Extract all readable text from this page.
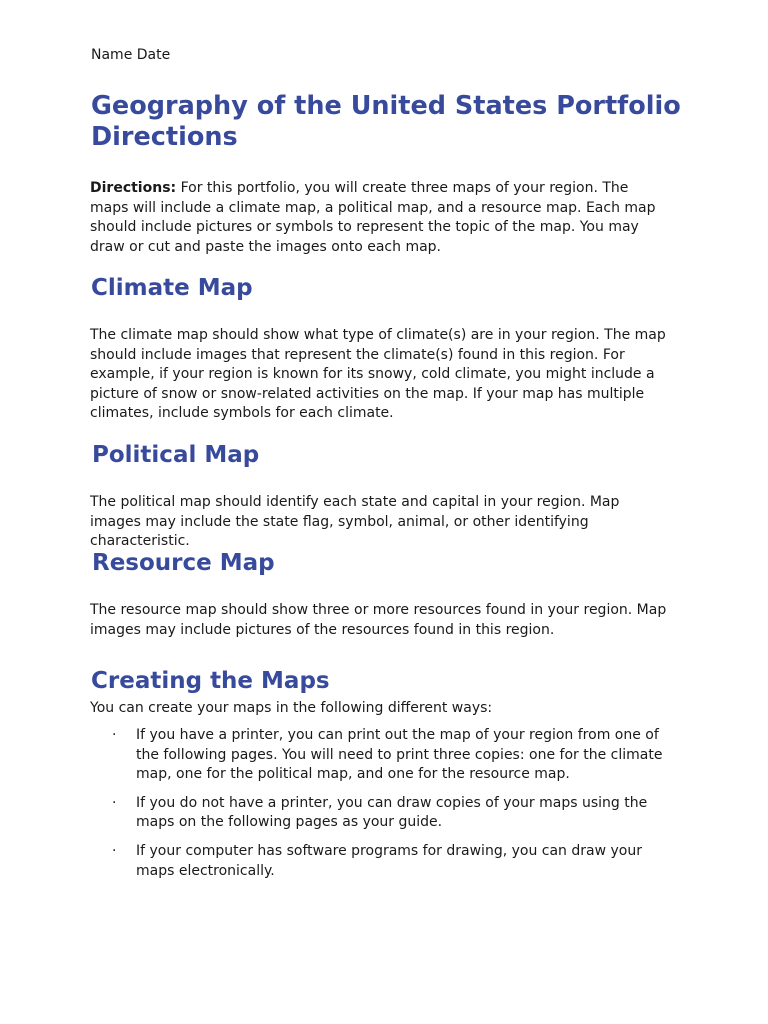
Name Date
Geography of the United States Portfolio Directions

Directions: For this portfolio, you will create three maps of your region. The maps will include a climate map, a political map, and a resource map. Each map should include pictures or symbols to represent the topic of the map. You may draw or cut and paste the images onto each map.

Climate Map

The climate map should show what type of climate(s) are in your region. The map should include images that represent the climate(s) found in this region. For example, if your region is known for its snowy, cold climate, you might include a picture of snow or snow-related activities on the map. If your map has multiple climates, include symbols for each climate.

Political Map

The political map should identify each state and capital in your region. Map images may include the state flag, symbol, animal, or other identifying characteristic.

Resource Map

The resource map should show three or more resources found in your region. Map images may include pictures of the resources found in this region.

Creating the Maps

You can create your maps in the following different ways:

· If you have a printer, you can print out the map of your region from one of the following pages. You will need to print three copies: one for the climate map, one for the political map, and one for the resource map.
· If you do not have a printer, you can draw copies of your maps using the maps on the following pages as your guide.
· If your computer has software programs for drawing, you can draw your maps electronically.
